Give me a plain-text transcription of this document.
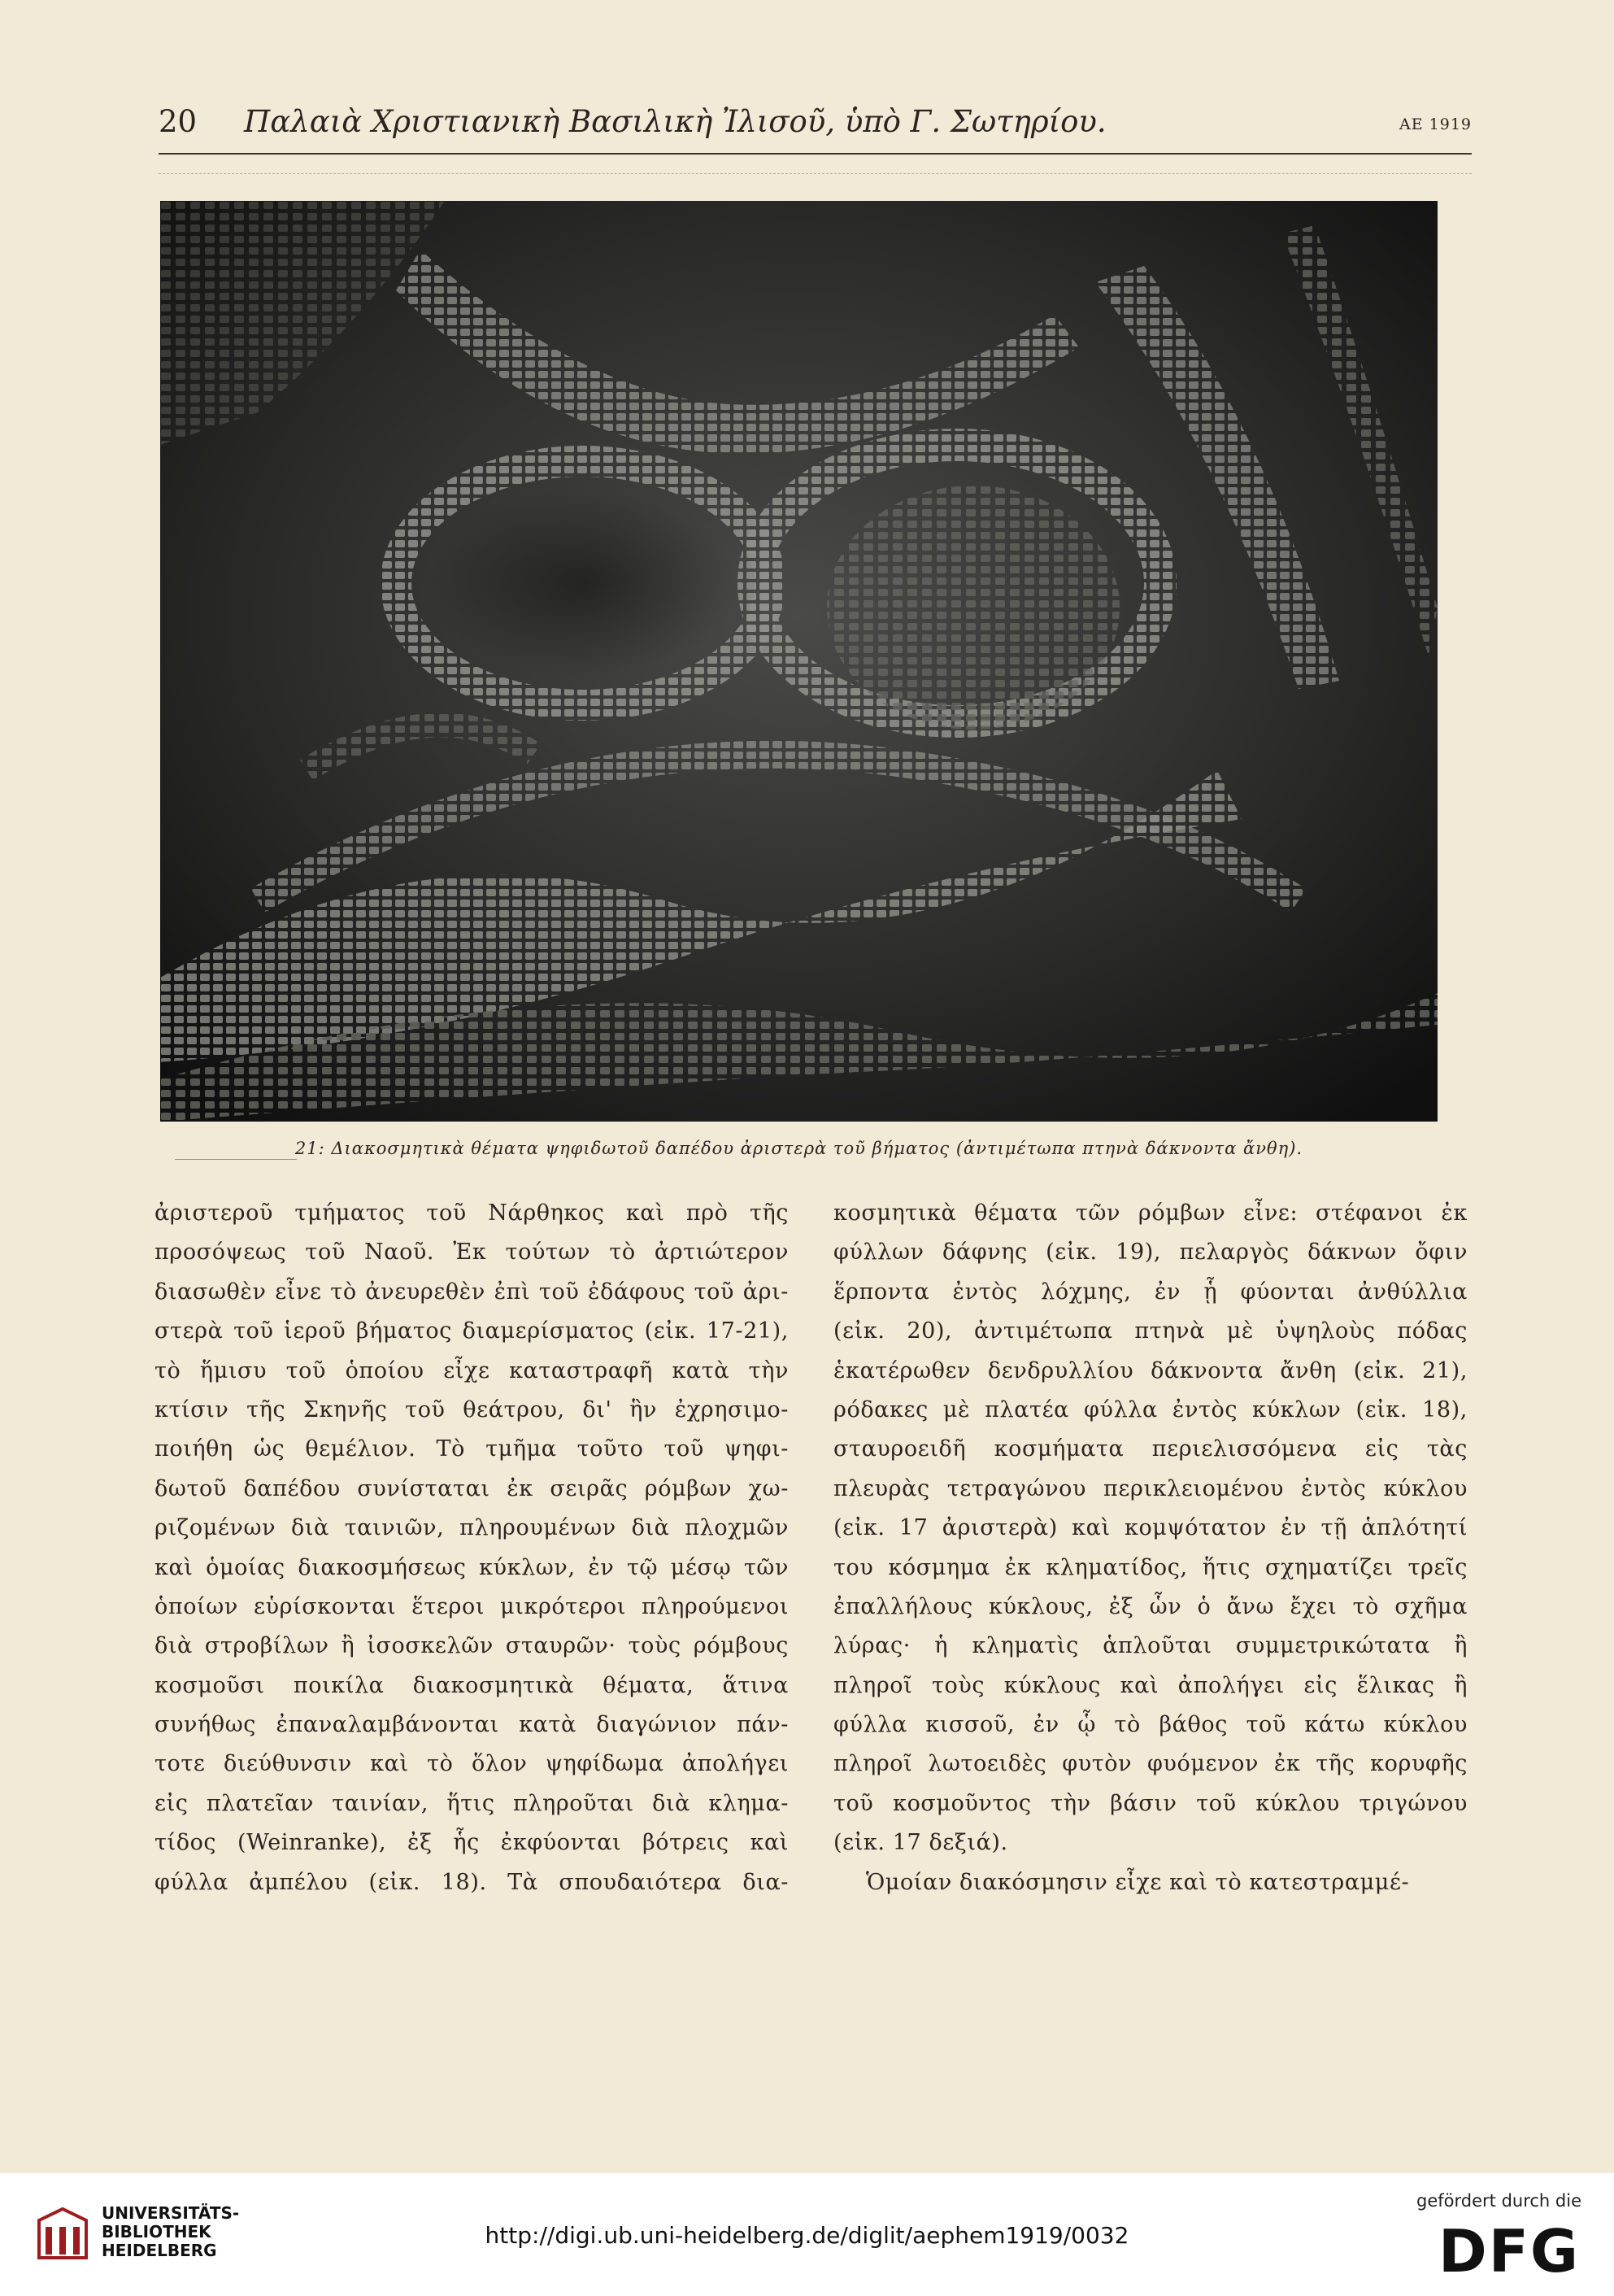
20 Παλαιὰ Χριστιανικὴ Βασιλικὴ Ἰλισοῦ, ὑπὸ Γ. Σωτηρίου.	ΑΕ 1919
21: Διακοσμητικὰ θέματα ψηφιδωτοῦ δαπέδου ἀριστερὰ τοῦ βήματος (ἀντιμέτωπα πτηνὰ δάκνοντα ἄνθη).
ἀριστεροῦ τμήματος τοῦ Νάρθηκος καὶ πρὸ τῆς
προσόψεως τοῦ Ναοῦ. Ἐκ τούτων τὸ ἀρτιώτερον
διασωθὲν εἶνε τὸ ἀνευρεθὲν ἐπὶ τοῦ ἐδάφους τοῦ ἀρι-
στερὰ τοῦ ἱεροῦ βήματος διαμερίσματος (εἰκ. 17-21),
τὸ ἥμισυ τοῦ ὁποίου εἶχε καταστραφῆ κατὰ τὴν
κτίσιν τῆς Σκηνῆς τοῦ θεάτρου, δι' ἣν ἐχρησιμο-
ποιήθη ὡς θεμέλιον. Τὸ τμῆμα τοῦτο τοῦ ψηφι-
δωτοῦ δαπέδου συνίσταται ἐκ σειρᾶς ρόμβων χω-
ριζομένων διὰ ταινιῶν, πληρουμένων διὰ πλοχμῶν
καὶ ὁμοίας διακοσμήσεως κύκλων, ἐν τῷ μέσῳ τῶν
ὁποίων εὑρίσκονται ἕτεροι μικρότεροι πληρούμενοι
διὰ στροβίλων ἢ ἰσοσκελῶν σταυρῶν· τοὺς ρόμβους
κοσμοῦσι ποικίλα διακοσμητικὰ θέματα, ἅτινα
συνήθως ἐπαναλαμβάνονται κατὰ διαγώνιον πάν-
τοτε διεύθυνσιν καὶ τὸ ὅλον ψηφίδωμα ἀπολήγει
εἰς πλατεῖαν ταινίαν, ἥτις πληροῦται διὰ κλημα-
τίδος (Weinranke), ἐξ ἧς ἐκφύονται βότρεις καὶ
φύλλα ἀμπέλου (εἰκ. 18). Τὰ σπουδαιότερα δια-
κοσμητικὰ θέματα τῶν ρόμβων εἶνε: στέφανοι ἐκ
φύλλων δάφνης (εἰκ. 19), πελαργὸς δάκνων ὄφιν
ἕρποντα ἐντὸς λόχμης, ἐν ᾗ φύονται ἀνθύλλια
(εἰκ. 20), ἀντιμέτωπα πτηνὰ μὲ ὑψηλοὺς πόδας
ἑκατέρωθεν δενδρυλλίου δάκνοντα ἄνθη (εἰκ. 21),
ρόδακες μὲ πλατέα φύλλα ἐντὸς κύκλων (εἰκ. 18),
σταυροειδῆ κοσμήματα περιελισσόμενα εἰς τὰς
πλευρὰς τετραγώνου περικλειομένου ἐντὸς κύκλου
(εἰκ. 17 ἀριστερὰ) καὶ κομψότατον ἐν τῇ ἁπλότητί
του κόσμημα ἐκ κληματίδος, ἥτις σχηματίζει τρεῖς
ἐπαλλήλους κύκλους, ἐξ ὧν ὁ ἄνω ἔχει τὸ σχῆμα
λύρας· ἡ κληματὶς ἁπλοῦται συμμετρικώτατα ἢ
πληροῖ τοὺς κύκλους καὶ ἀπολήγει εἰς ἕλικας ἢ
φύλλα κισσοῦ, ἐν ᾧ τὸ βάθος τοῦ κάτω κύκλου
πληροῖ λωτοειδὲς φυτὸν φυόμενον ἐκ τῆς κορυφῆς
τοῦ κοσμοῦντος τὴν βάσιν τοῦ κύκλου τριγώνου
(εἰκ. 17 δεξιά).
Ὁμοίαν διακόσμησιν εἶχε καὶ τὸ κατεστραμμέ-
UNIVERSITÄTS-
BIBLIOTHEK
HEIDELBERG
http://digi.ub.uni-heidelberg.de/diglit/aephem1919/0032
gefördert durch die
DFG
